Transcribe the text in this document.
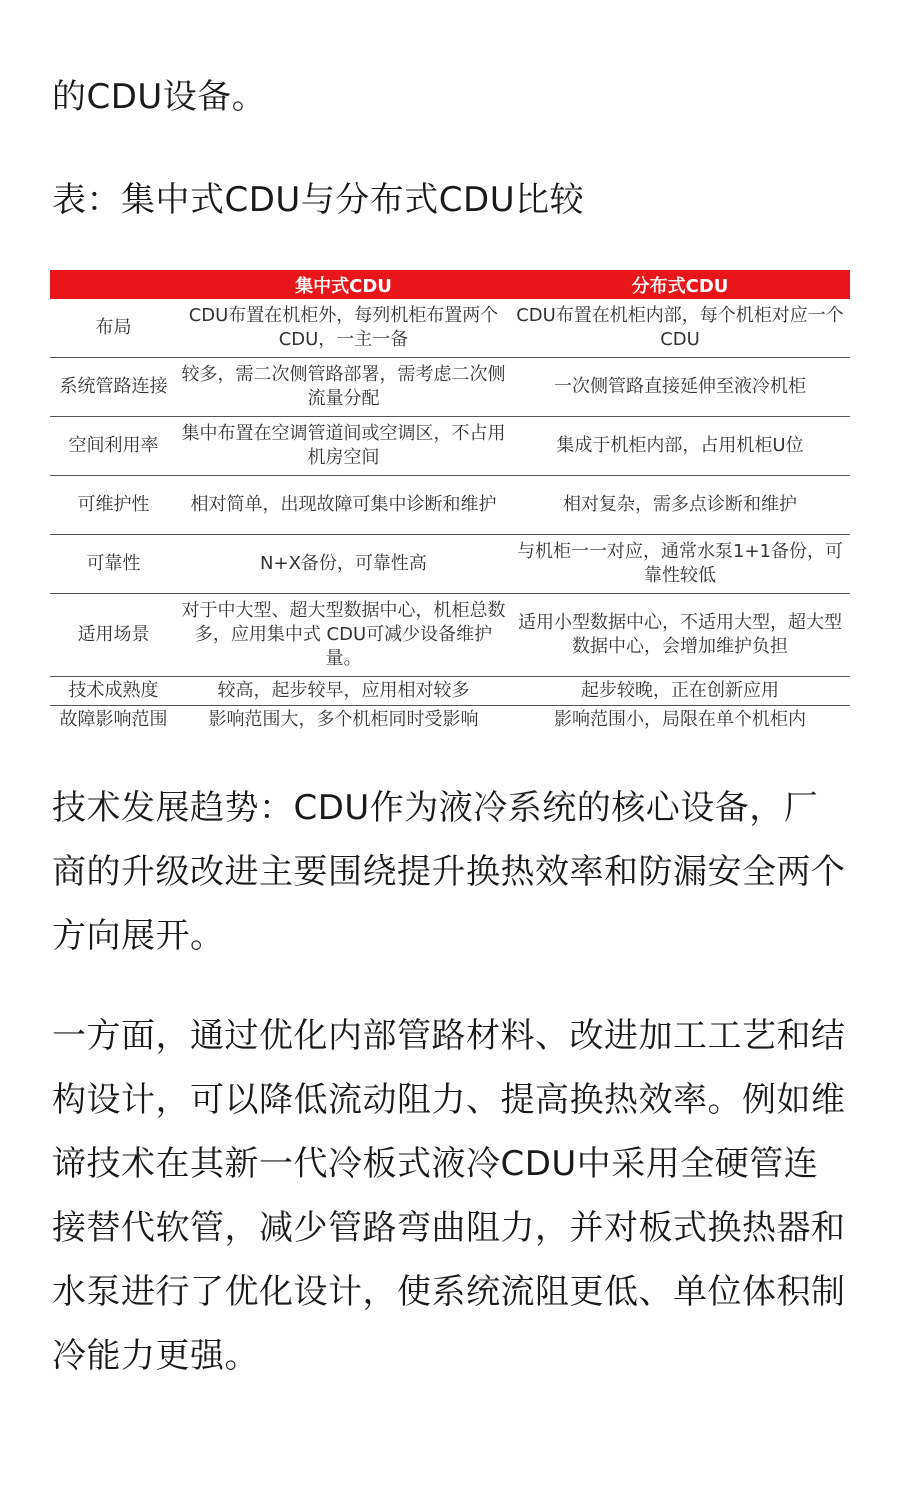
的CDU设备。

表：集中式CDU与分布式CDU比较

	集中式CDU	分布式CDU
布局	CDU布置在机柜外，每列机柜布置两个CDU，一主一备	CDU布置在机柜内部，每个机柜对应一个CDU
系统管路连接	较多，需二次侧管路部署，需考虑二次侧流量分配	一次侧管路直接延伸至液冷机柜
空间利用率	集中布置在空调管道间或空调区，不占用机房空间	集成于机柜内部，占用机柜U位
可维护性	相对简单，出现故障可集中诊断和维护	相对复杂，需多点诊断和维护
可靠性	N+X备份，可靠性高	与机柜一一对应，通常水泵1+1备份，可靠性较低
适用场景	对于中大型、超大型数据中心，机柜总数多，应用集中式 CDU可减少设备维护量。	适用小型数据中心，不适用大型，超大型数据中心，会增加维护负担
技术成熟度	较高，起步较早，应用相对较多	起步较晚，正在创新应用
故障影响范围	影响范围大，多个机柜同时受影响	影响范围小，局限在单个机柜内

技术发展趋势：CDU作为液冷系统的核心设备，厂商的升级改进主要围绕提升换热效率和防漏安全两个方向展开。

一方面，通过优化内部管路材料、改进加工工艺和结构设计，可以降低流动阻力、提高换热效率。例如维谛技术在其新一代冷板式液冷CDU中采用全硬管连接替代软管，减少管路弯曲阻力，并对板式换热器和水泵进行了优化设计，使系统流阻更低、单位体积制冷能力更强。
